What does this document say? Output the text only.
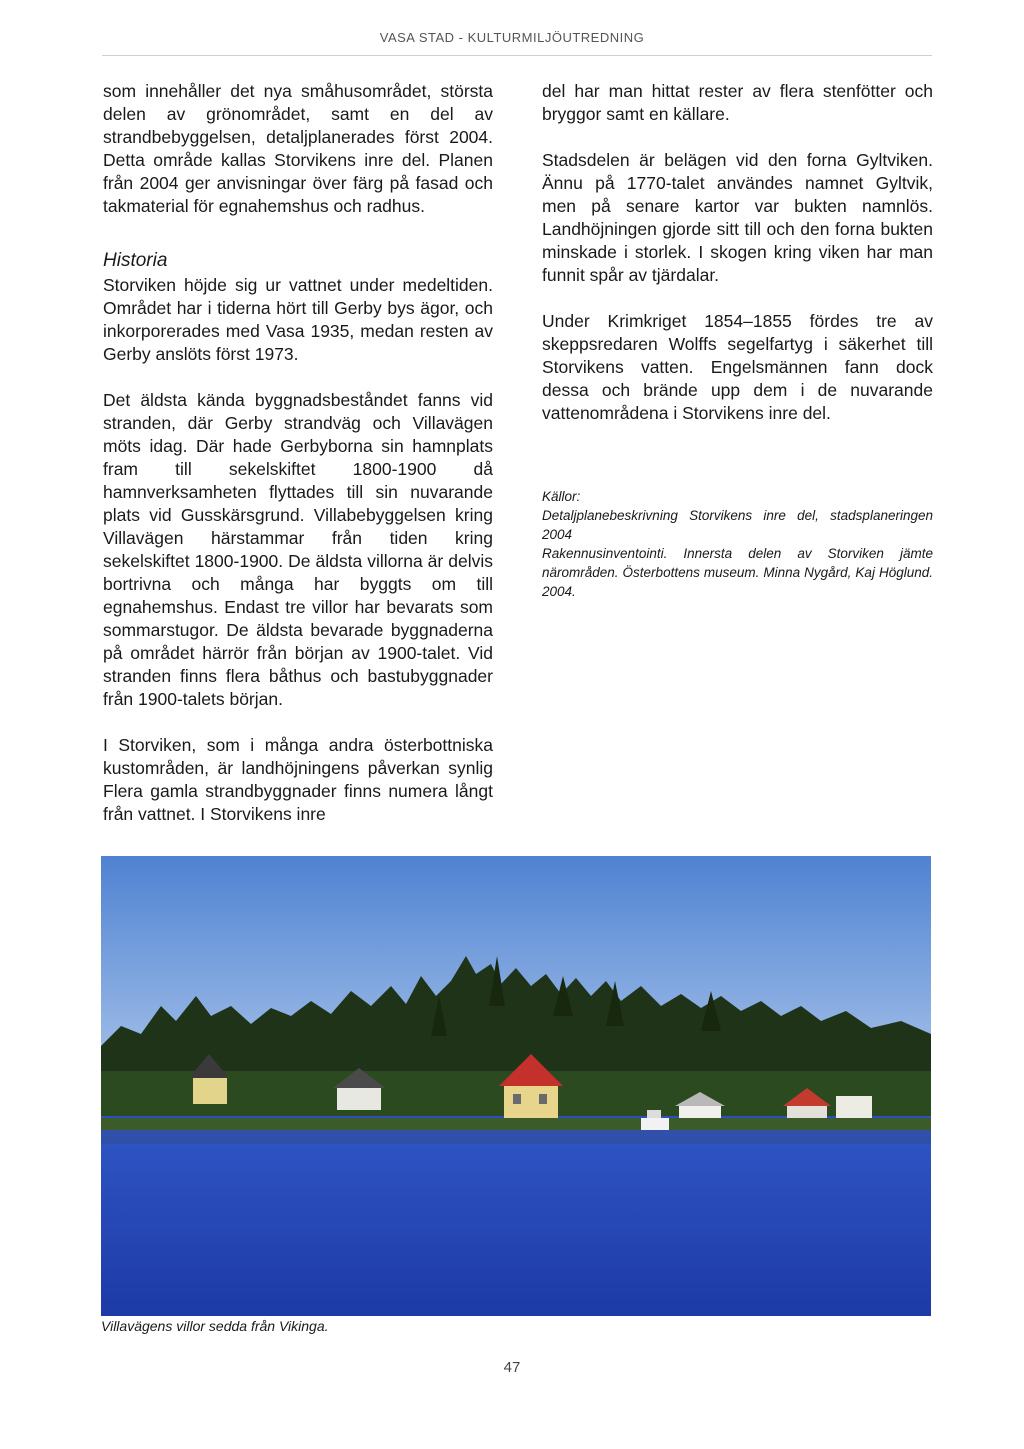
VASA STAD - KULTURMILJÖUTREDNING

som innehåller det nya småhusområdet, största delen av grönområdet, samt en del av strandbebyggelsen, detaljplanerades först 2004. Detta område kallas Storvikens inre del. Planen från 2004 ger anvisningar över färg på fasad och takmaterial för egnahemshus och radhus.

Historia

Storviken höjde sig ur vattnet under medeltiden. Området har i tiderna hört till Gerby bys ägor, och inkorporerades med Vasa 1935, medan resten av Gerby anslöts först 1973.

Det äldsta kända byggnadsbeståndet fanns vid stranden, där Gerby strandväg och Villavägen möts idag. Där hade Gerbyborna sin hamnplats fram till sekelskiftet 1800-1900 då hamnverksamheten flyttades till sin nuvarande plats vid Gusskärsgrund. Villabebyggelsen kring Villavägen härstammar från tiden kring sekelskiftet 1800-1900. De äldsta villorna är delvis bortrivna och många har byggts om till egnahemshus. Endast tre villor har bevarats som sommarstugor. De äldsta bevarade byggnaderna på området härrör från början av 1900-talet. Vid stranden finns flera båthus och bastubyggnader från 1900-talets början.

I Storviken, som i många andra österbottniska kustområden, är landhöjningens påverkan synlig Flera gamla strandbyggnader finns numera långt från vattnet. I Storvikens inre

del har man hittat rester av flera stenfötter och bryggor samt en källare.

Stadsdelen är belägen vid den forna Gyltviken. Ännu på 1770-talet användes namnet Gyltvik, men på senare kartor var bukten namnlös. Landhöjningen gjorde sitt till och den forna bukten minskade i storlek. I skogen kring viken har man funnit spår av tjärdalar.

Under Krimkriget 1854–1855 fördes tre av skeppsredaren Wolffs segelfartyg i säkerhet till Storvikens vatten. Engelsmännen fann dock dessa och brände upp dem i de nuvarande vattenområdena i Storvikens inre del.

Källor:
Detaljplanebeskrivning Storvikens inre del, stadsplaneringen 2004
Rakennusinventointi. Innersta delen av Storviken jämte närområden. Österbottens museum. Minna Nygård, Kaj Höglund. 2004.
Villavägens villor sedda från Vikinga.
47
